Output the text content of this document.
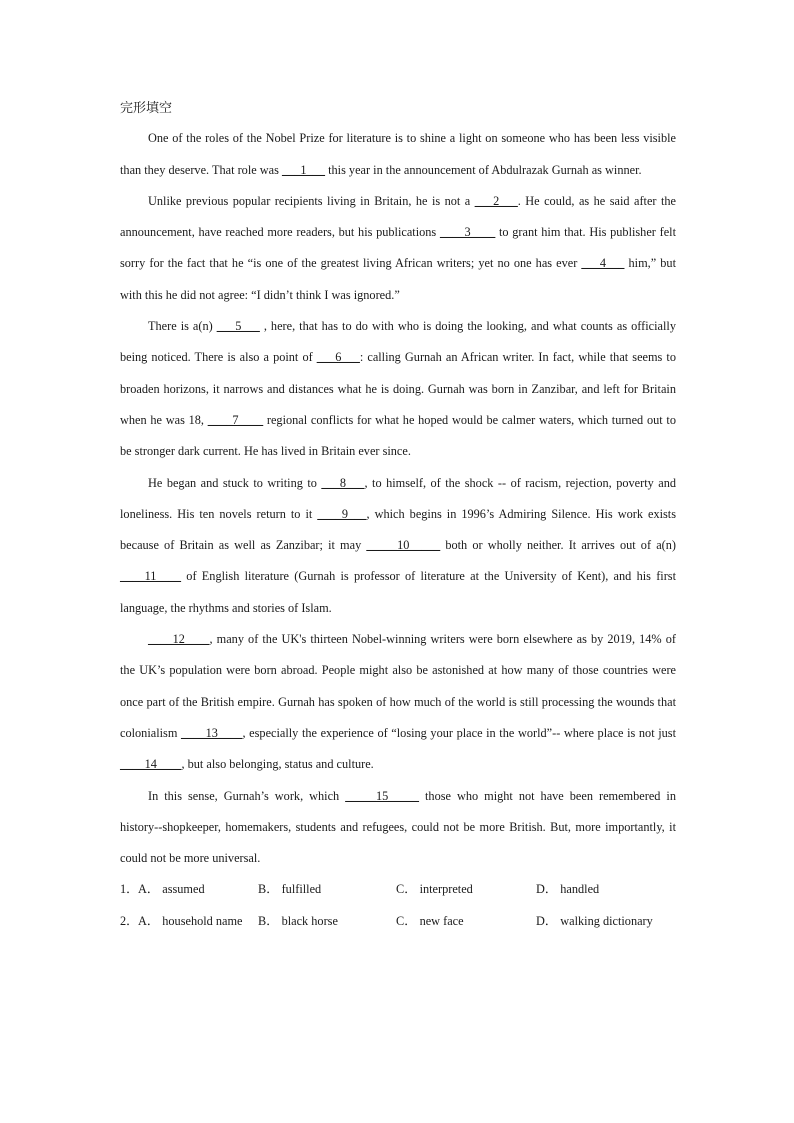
完形填空

One of the roles of the Nobel Prize for literature is to shine a light on someone who has been less visible than they deserve. That role was ___1___ this year in the announcement of Abdulrazak Gurnah as winner.

Unlike previous popular recipients living in Britain, he is not a ___2___. He could, as he said after the announcement, have reached more readers, but his publications ____3____ to grant him that. His publisher felt sorry for the fact that he “is one of the greatest living African writers; yet no one has ever ___4___ him,” but with this he did not agree: “I didn’t think I was ignored.”

There is a(n) ___5___ , here, that has to do with who is doing the looking, and what counts as officially being noticed. There is also a point of ___6___: calling Gurnah an African writer. In fact, while that seems to broaden horizons, it narrows and distances what he is doing. Gurnah was born in Zanzibar, and left for Britain when he was 18, ____7____ regional conflicts for what he hoped would be calmer waters, which turned out to be stronger dark current. He has lived in Britain ever since.

He began and stuck to writing to ___8___, to himself, of the shock -- of racism, rejection, poverty and loneliness. His ten novels return to it ____9___, which begins in 1996’s Admiring Silence. His work exists because of Britain as well as Zanzibar; it may _____10_____ both or wholly neither. It arrives out of a(n) ____11____ of English literature (Gurnah is professor of literature at the University of Kent), and his first language, the rhythms and stories of Islam.

____12____, many of the UK's thirteen Nobel-winning writers were born elsewhere as by 2019, 14% of the UK’s population were born abroad. People might also be astonished at how many of those countries were once part of the British empire. Gurnah has spoken of how much of the world is still processing the wounds that colonialism ____13____, especially the experience of “losing your place in the world”-- where place is not just ____14____, but also belonging, status and culture.

In this sense, Gurnah’s work, which _____15_____ those who might not have been remembered in history--shopkeeper, homemakers, students and refugees, could not be more British. But, more importantly, it could not be more universal.

1． A． assumed	B． fulfilled	C． interpreted	D． handled
2． A． household name	B． black horse	C． new face	D． walking dictionary
